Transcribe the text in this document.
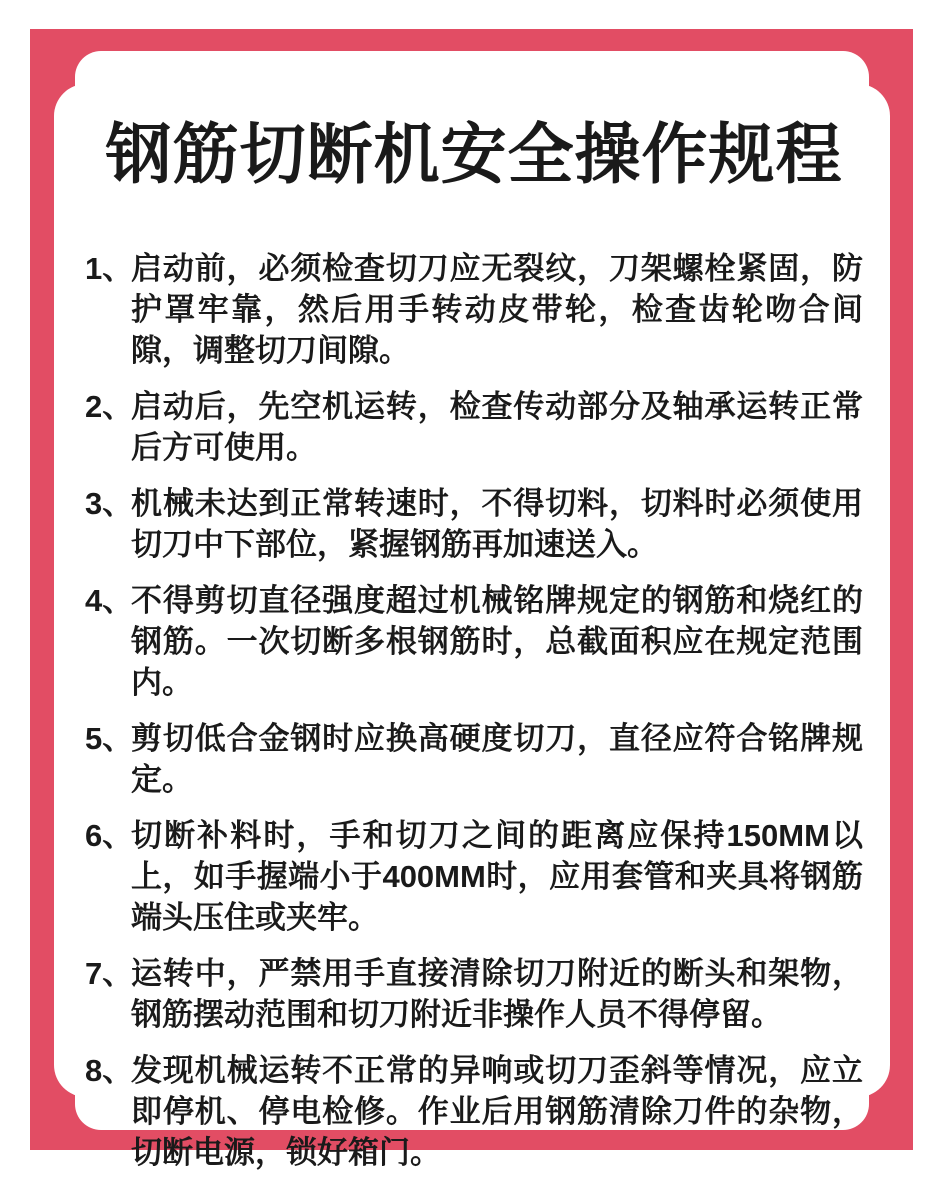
钢筋切断机安全操作规程
1、
启动前，必须检查切刀应无裂纹，刀架螺栓紧固，防护罩牢靠，然后用手转动皮带轮，检查齿轮吻合间隙，调整切刀间隙。
2、
启动后，先空机运转，检查传动部分及轴承运转正常后方可使用。
3、
机械未达到正常转速时，不得切料，切料时必须使用切刀中下部位，紧握钢筋再加速送入。
4、
不得剪切直径强度超过机械铭牌规定的钢筋和烧红的钢筋。一次切断多根钢筋时，总截面积应在规定范围内。
5、
剪切低合金钢时应换高硬度切刀，直径应符合铭牌规定。
6、
切断补料时，手和切刀之间的距离应保持150MM以上，如手握端小于400MM时，应用套管和夹具将钢筋端头压住或夹牢。
7、
运转中，严禁用手直接清除切刀附近的断头和架物，钢筋摆动范围和切刀附近非操作人员不得停留。
8、
发现机械运转不正常的异响或切刀歪斜等情况，应立即停机、停电检修。作业后用钢筋清除刀件的杂物，切断电源，锁好箱门。
